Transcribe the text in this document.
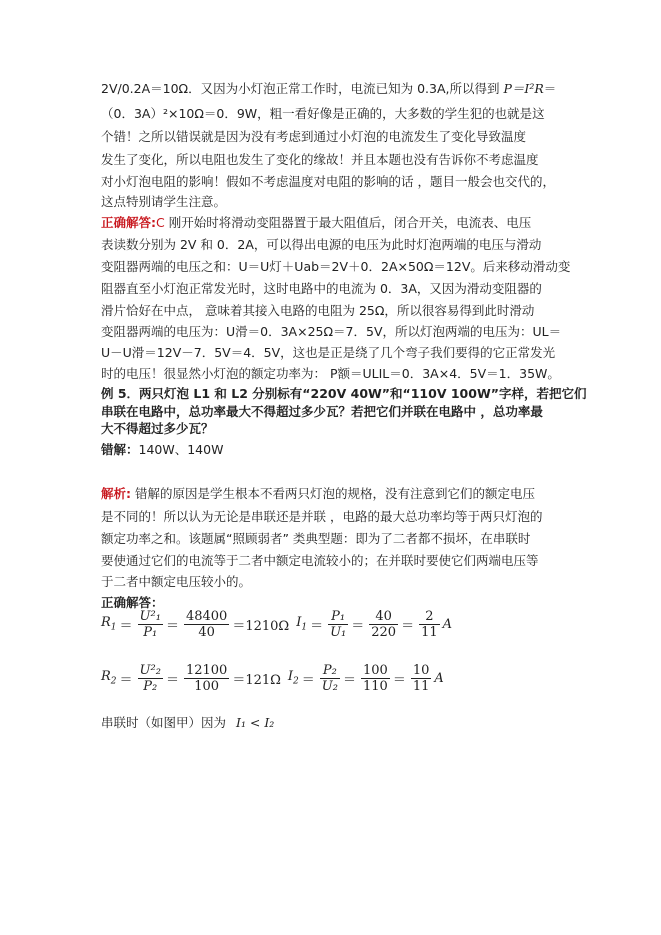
2V/0.2A＝10Ω．又因为小灯泡正常工作时，电流已知为 0.3A,所以得到 P＝I²R＝
（0．3A）²×10Ω＝0．9W，粗一看好像是正确的，大多数的学生犯的也就是这
个错！之所以错误就是因为没有考虑到通过小灯泡的电流发生了变化导致温度
发生了变化，所以电阻也发生了变化的缘故！并且本题也没有告诉你不考虑温度
对小灯泡电阻的影响！假如不考虑温度对电阻的影响的话 ，题目一般会也交代的，
这点特别请学生注意。
正确解答:C 刚开始时将滑动变阻器置于最大阻值后，闭合开关，电流表、电压
表读数分别为 2V 和 0．2A，可以得出电源的电压为此时灯泡两端的电压与滑动
变阻器两端的电压之和：U＝U灯＋Uab＝2V＋0．2A×50Ω＝12V。后来移动滑动变
阻器直至小灯泡正常发光时，这时电路中的电流为 0．3A，又因为滑动变阻器的
滑片恰好在中点， 意味着其接入电路的电阻为 25Ω，所以很容易得到此时滑动
变阻器两端的电压为：U滑＝0．3A×25Ω＝7．5V，所以灯泡两端的电压为：UL＝
U－U滑＝12V－7．5V＝4．5V，这也是正是绕了几个弯子我们要得的它正常发光
时的电压！很显然小灯泡的额定功率为： P额＝ULIL＝0．3A×4．5V＝1．35W。
例 5．两只灯泡 L1 和 L2 分别标有“220V 40W”和“110V 100W”字样，若把它们
串联在电路中，总功率最大不得超过多少瓦？若把它们并联在电路中 ，总功率最
大不得超过多少瓦？
错解：140W、140W
解析: 错解的原因是学生根本不看两只灯泡的规格，没有注意到它们的额定电压
是不同的！所以认为无论是串联还是并联 ，电路的最大总功率均等于两只灯泡的
额定功率之和。该题属“照顾弱者” 类典型题：即为了二者都不损坏，在串联时
要使通过它们的电流等于二者中额定电流较小的；在并联时要使它们两端电压等
于二者中额定电压较小的。
正确解答：
$R_1 = \frac{\text{U²₁}}{\text{P₁}} = \frac{48400}{40} =1210\Omega$ $I_1 = \frac{\text{P₁}}{\text{U₁}} = \frac{40}{220} = \frac{2}{11}$ A
$R_2 = \frac{\text{U²₂}}{\text{P₂}} = \frac{12100}{100} =121\Omega$ $I_2 = \frac{\text{P₂}}{\text{U₂}} = \frac{100}{110} = \frac{10}{11}$ A
串联时（如图甲）因为 I₁ < I₂
